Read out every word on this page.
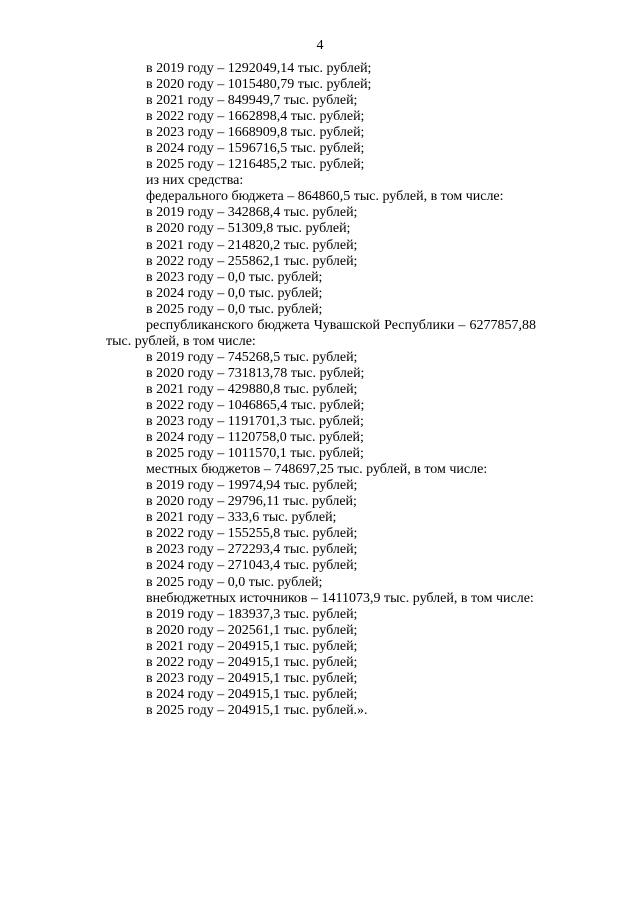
4
в 2019 году – 1292049,14 тыс. рублей;
в 2020 году – 1015480,79 тыс. рублей;
в 2021 году – 849949,7 тыс. рублей;
в 2022 году – 1662898,4 тыс. рублей;
в 2023 году – 1668909,8 тыс. рублей;
в 2024 году – 1596716,5 тыс. рублей;
в 2025 году – 1216485,2 тыс. рублей;
из них средства:
федерального бюджета – 864860,5 тыс. рублей, в том числе:
в 2019 году – 342868,4 тыс. рублей;
в 2020 году – 51309,8 тыс. рублей;
в 2021 году – 214820,2 тыс. рублей;
в 2022 году – 255862,1 тыс. рублей;
в 2023 году – 0,0 тыс. рублей;
в 2024 году – 0,0 тыс. рублей;
в 2025 году – 0,0 тыс. рублей;
республиканского бюджета Чувашской Республики – 6277857,88 тыс. рублей, в том числе:
в 2019 году – 745268,5 тыс. рублей;
в 2020 году – 731813,78 тыс. рублей;
в 2021 году – 429880,8 тыс. рублей;
в 2022 году – 1046865,4 тыс. рублей;
в 2023 году – 1191701,3 тыс. рублей;
в 2024 году – 1120758,0 тыс. рублей;
в 2025 году – 1011570,1 тыс. рублей;
местных бюджетов – 748697,25 тыс. рублей, в том числе:
в 2019 году – 19974,94 тыс. рублей;
в 2020 году – 29796,11 тыс. рублей;
в 2021 году – 333,6 тыс. рублей;
в 2022 году – 155255,8 тыс. рублей;
в 2023 году – 272293,4 тыс. рублей;
в 2024 году – 271043,4 тыс. рублей;
в 2025 году – 0,0 тыс. рублей;
внебюджетных источников – 1411073,9 тыс. рублей, в том числе:
в 2019 году – 183937,3 тыс. рублей;
в 2020 году – 202561,1 тыс. рублей;
в 2021 году – 204915,1 тыс. рублей;
в 2022 году – 204915,1 тыс. рублей;
в 2023 году – 204915,1 тыс. рублей;
в 2024 году – 204915,1 тыс. рублей;
в 2025 году – 204915,1 тыс. рублей.».
